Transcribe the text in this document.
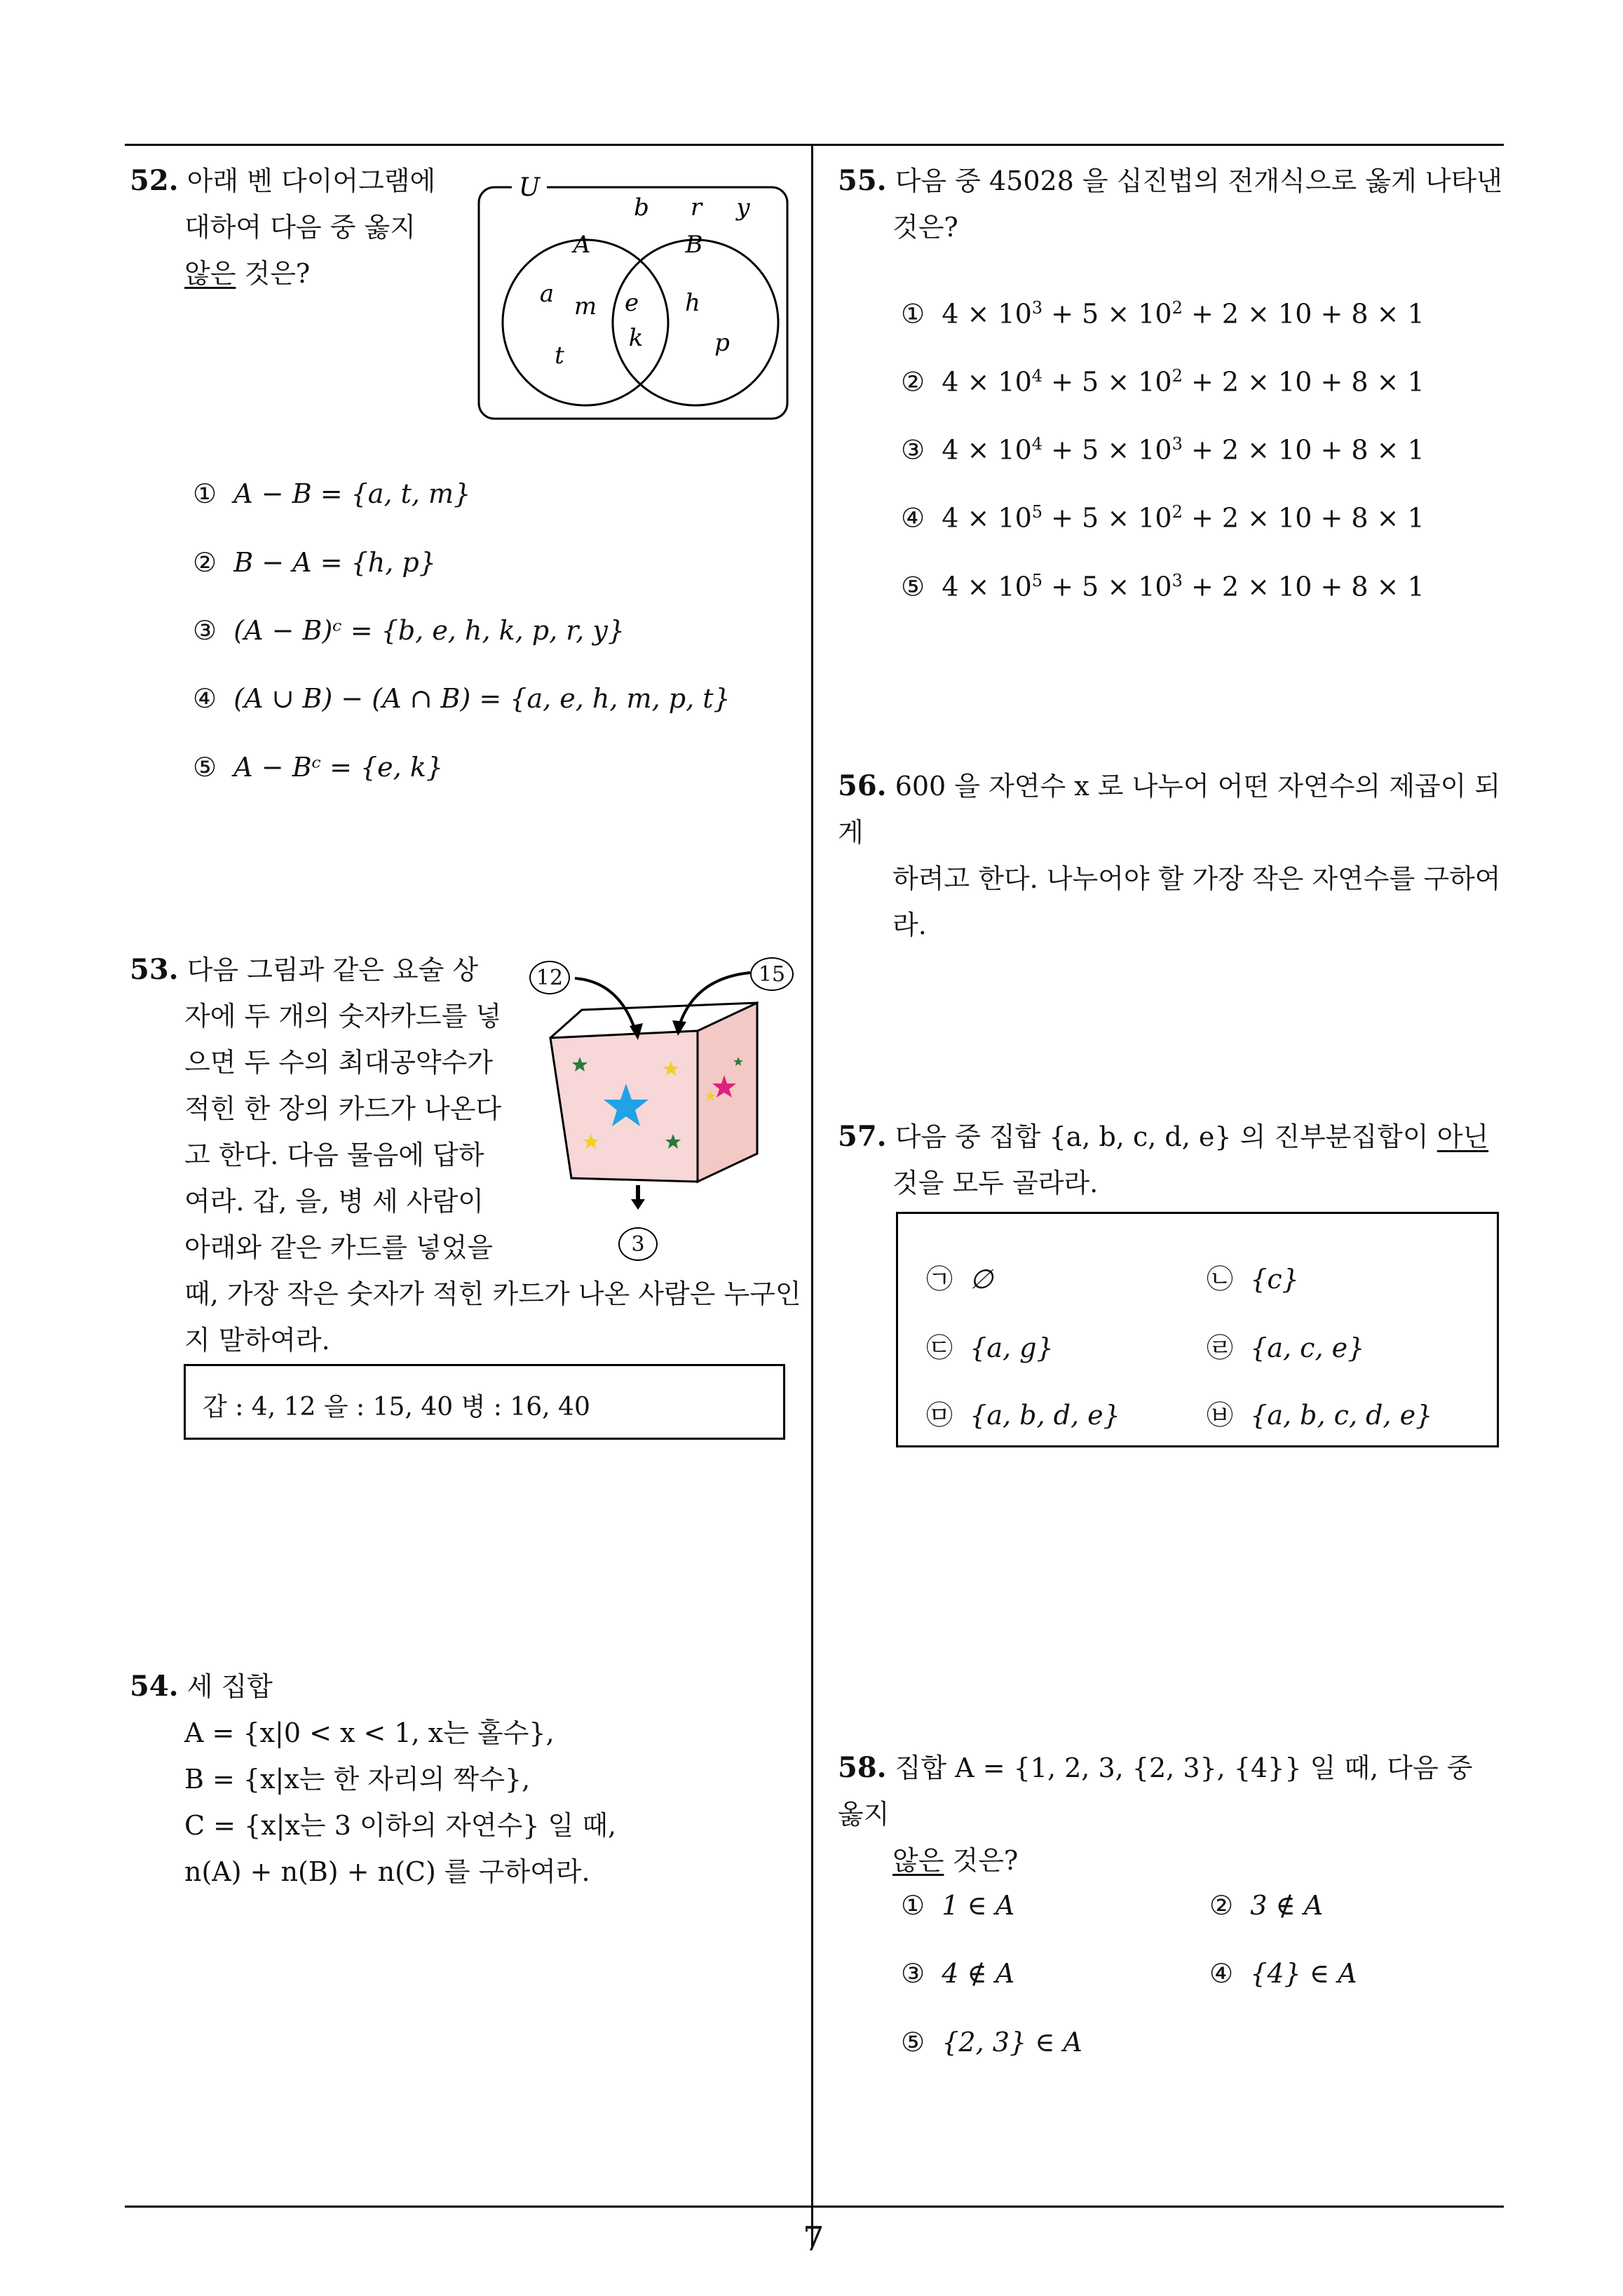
7
52. 아래 벤 다이어그램에
대하여 다음 중 옳지
않은 것은?
U
A	B
b r y
a m
t
e
k
h
p
① A − B = {a, t, m}
② B − A = {h, p}
③ (A − B)ᶜ = {b, e, h, k, p, r, y}
④ (A ∪ B) − (A ∩ B) = {a, e, h, m, p, t}
⑤ A − Bᶜ = {e, k}
53. 다음 그림과 같은 요술 상
자에 두 개의 숫자카드를 넣
으면 두 수의 최대공약수가
적힌 한 장의 카드가 나온다
고 한다. 다음 물음에 답하
여라. 갑, 을, 병 세 사람이
아래와 같은 카드를 넣었을
때, 가장 작은 숫자가 적힌 카드가 나온 사람은 누구인
지 말하여라.
12	15
3
갑 : 4, 12 을 : 15, 40 병 : 16, 40
54. 세 집합
A = {x|0 < x < 1, x는 홀수},
B = {x|x는 한 자리의 짝수},
C = {x|x는 3 이하의 자연수} 일 때,
n(A) + n(B) + n(C) 를 구하여라.
55. 다음 중 45028 을 십진법의 전개식으로 옳게 나타낸
것은?
① $4 \times 10^3 + 5 \times 10^2 + 2 \times 10 + 8 \times 1$
② $4 \times 10^4 + 5 \times 10^2 + 2 \times 10 + 8 \times 1$
③ $4 \times 10^4 + 5 \times 10^3 + 2 \times 10 + 8 \times 1$
④ $4 \times 10^5 + 5 \times 10^2 + 2 \times 10 + 8 \times 1$
⑤ $4 \times 10^5 + 5 \times 10^3 + 2 \times 10 + 8 \times 1$
56. 600 을 자연수 x 로 나누어 어떤 자연수의 제곱이 되게
하려고 한다. 나누어야 할 가장 작은 자연수를 구하여
라.
57. 다음 중 집합 {a, b, c, d, e} 의 진부분집합이 아닌
것을 모두 골라라.
㉠ ∅	㉡ {c}
㉢ {a, g}	㉣ {a, c, e}
㉤ {a, b, d, e}	㉥ {a, b, c, d, e}
58. 집합 A = {1, 2, 3, {2, 3}, {4}} 일 때, 다음 중 옳지
않은 것은?
① 1 ∈ A	② 3 ∉ A
③ 4 ∉ A	④ {4} ∈ A
⑤ {2, 3} ∈ A
